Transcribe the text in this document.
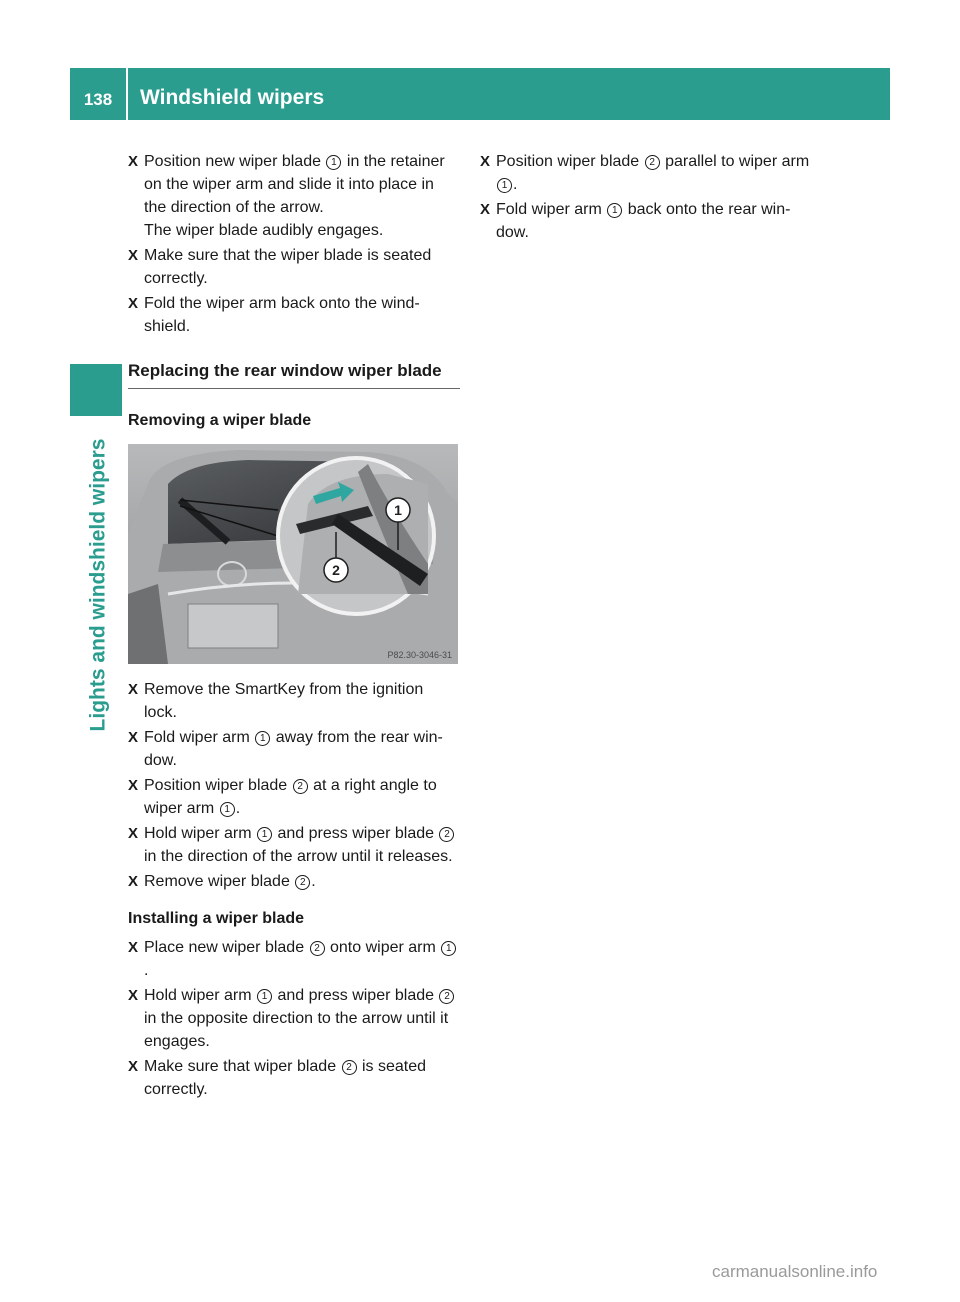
138	Windshield wipers
Lights and windshield wipers
X Position new wiper blade 1 in the retainer on the wiper arm and slide it into place in the direction of the arrow.
The wiper blade audibly engages.
X Make sure that the wiper blade is seated correctly.
X Fold the wiper arm back onto the wind-shield.
Replacing the rear window wiper blade
Removing a wiper blade
1
2
P82.30-3046-31
X Remove the SmartKey from the ignition lock.
X Fold wiper arm 1 away from the rear win-dow.
X Position wiper blade 2 at a right angle to wiper arm 1 .
X Hold wiper arm 1 and press wiper blade 2 in the direction of the arrow until it releases.
X Remove wiper blade 2 .
Installing a wiper blade
X Place new wiper blade 2 onto wiper arm 1.
X Hold wiper arm 1 and press wiper blade 2 in the opposite direction to the arrow until it engages.
X Make sure that wiper blade 2 is seated correctly.
X Position wiper blade 2 parallel to wiper arm 1 .
X Fold wiper arm 1 back onto the rear win-dow.
carmanualsonline.info
